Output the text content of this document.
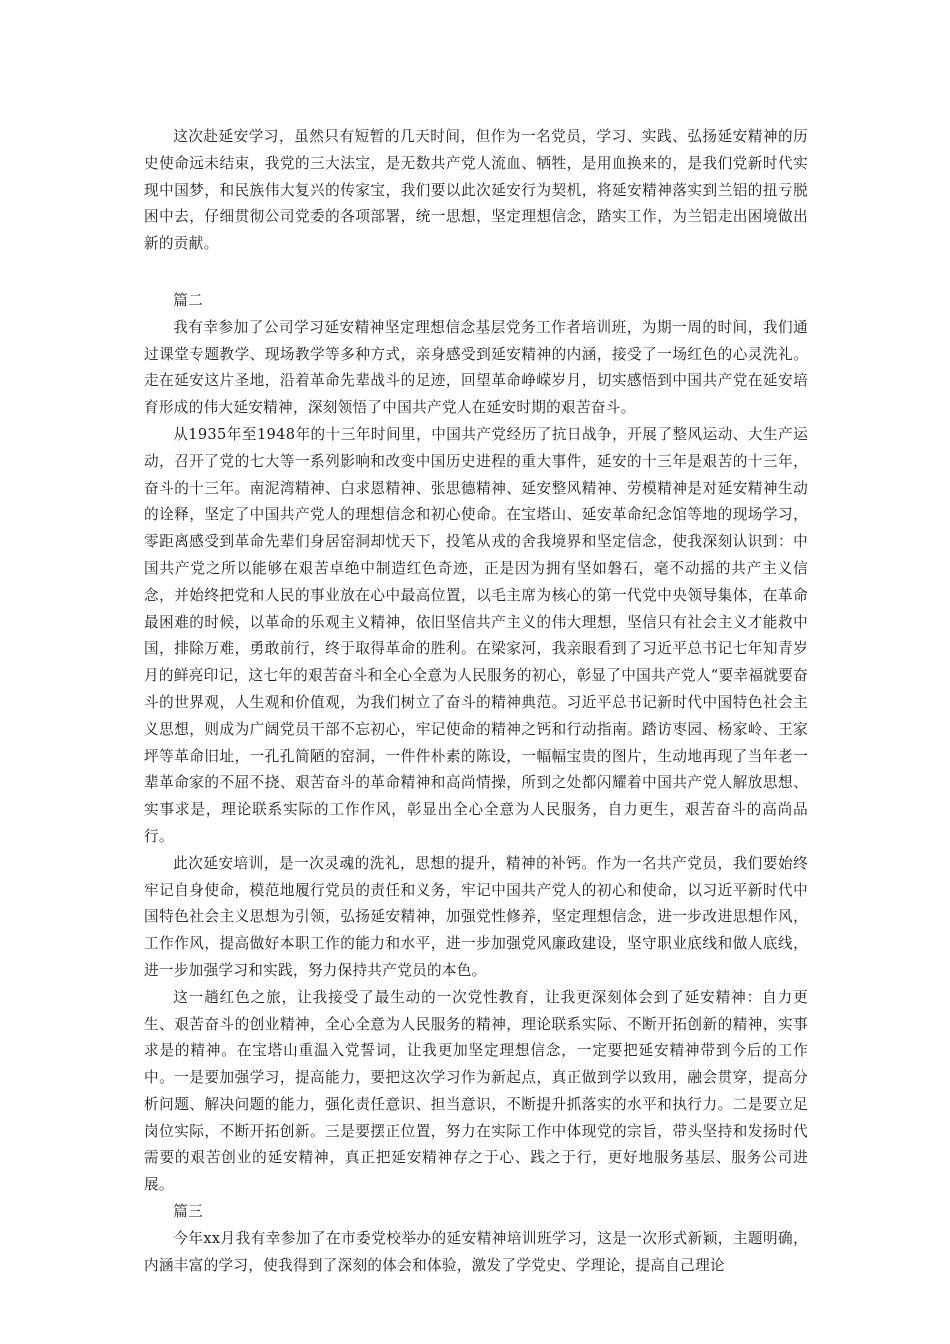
这次赴延安学习，虽然只有短暂的几天时间，但作为一名党员，学习、实践、弘扬延安精神的历史使命远未结束，我党的三大法宝，是无数共产党人流血、牺牲，是用血换来的，是我们党新时代实现中国梦，和民族伟大复兴的传家宝，我们要以此次延安行为契机，将延安精神落实到兰铝的扭亏脱困中去，仔细贯彻公司党委的各项部署，统一思想，坚定理想信念，踏实工作，为兰铝走出困境做出新的贡献。

篇二

我有幸参加了公司学习延安精神坚定理想信念基层党务工作者培训班，为期一周的时间，我们通过课堂专题教学、现场教学等多种方式，亲身感受到延安精神的内涵，接受了一场红色的心灵洗礼。走在延安这片圣地，沿着革命先辈战斗的足迹，回望革命峥嵘岁月，切实感悟到中国共产党在延安培育形成的伟大延安精神，深刻领悟了中国共产党人在延安时期的艰苦奋斗。

从1935年至1948年的十三年时间里，中国共产党经历了抗日战争，开展了整风运动、大生产运动，召开了党的七大等一系列影响和改变中国历史进程的重大事件，延安的十三年是艰苦的十三年，奋斗的十三年。南泥湾精神、白求恩精神、张思德精神、延安整风精神、劳模精神是对延安精神生动的诠释，坚定了中国共产党人的理想信念和初心使命。在宝塔山、延安革命纪念馆等地的现场学习，零距离感受到革命先辈们身居窑洞却忧天下，投笔从戎的舍我境界和坚定信念，使我深刻认识到：中国共产党之所以能够在艰苦卓绝中制造红色奇迹，正是因为拥有坚如磐石，毫不动摇的共产主义信念，并始终把党和人民的事业放在心中最高位置，以毛主席为核心的第一代党中央领导集体，在革命最困难的时候，以革命的乐观主义精神，依旧坚信共产主义的伟大理想，坚信只有社会主义才能救中国，排除万难，勇敢前行，终于取得革命的胜利。在梁家河，我亲眼看到了习近平总书记七年知青岁月的鲜亮印记，这七年的艰苦奋斗和全心全意为人民服务的初心，彰显了中国共产党人“要幸福就要奋斗的世界观，人生观和价值观，为我们树立了奋斗的精神典范。习近平总书记新时代中国特色社会主义思想，则成为广阔党员干部不忘初心，牢记使命的精神之钙和行动指南。踏访枣园、杨家岭、王家坪等革命旧址，一孔孔简陋的窑洞，一件件朴素的陈设，一幅幅宝贵的图片，生动地再现了当年老一辈革命家的不屈不挠、艰苦奋斗的革命精神和高尚情操，所到之处都闪耀着中国共产党人解放思想、实事求是，理论联系实际的工作作风，彰显出全心全意为人民服务，自力更生，艰苦奋斗的高尚品行。

此次延安培训，是一次灵魂的洗礼，思想的提升，精神的补钙。作为一名共产党员，我们要始终牢记自身使命，模范地履行党员的责任和义务，牢记中国共产党人的初心和使命，以习近平新时代中国特色社会主义思想为引领，弘扬延安精神，加强党性修养，坚定理想信念，进一步改进思想作风，工作作风，提高做好本职工作的能力和水平，进一步加强党风廉政建设，坚守职业底线和做人底线，进一步加强学习和实践，努力保持共产党员的本色。

这一趟红色之旅，让我接受了最生动的一次党性教育，让我更深刻体会到了延安精神：自力更生、艰苦奋斗的创业精神，全心全意为人民服务的精神，理论联系实际、不断开拓创新的精神，实事求是的精神。在宝塔山重温入党誓词，让我更加坚定理想信念，一定要把延安精神带到今后的工作中。一是要加强学习，提高能力，要把这次学习作为新起点，真正做到学以致用，融会贯穿，提高分析问题、解决问题的能力，强化责任意识、担当意识，不断提升抓落实的水平和执行力。二是要立足岗位实际，不断开拓创新。三是要摆正位置，努力在实际工作中体现党的宗旨，带头坚持和发扬时代需要的艰苦创业的延安精神，真正把延安精神存之于心、践之于行，更好地服务基层、服务公司进展。

篇三

今年xx月我有幸参加了在市委党校举办的延安精神培训班学习，这是一次形式新颖，主题明确，内涵丰富的学习，使我得到了深刻的体会和体验，激发了学党史、学理论，提高自己理论
